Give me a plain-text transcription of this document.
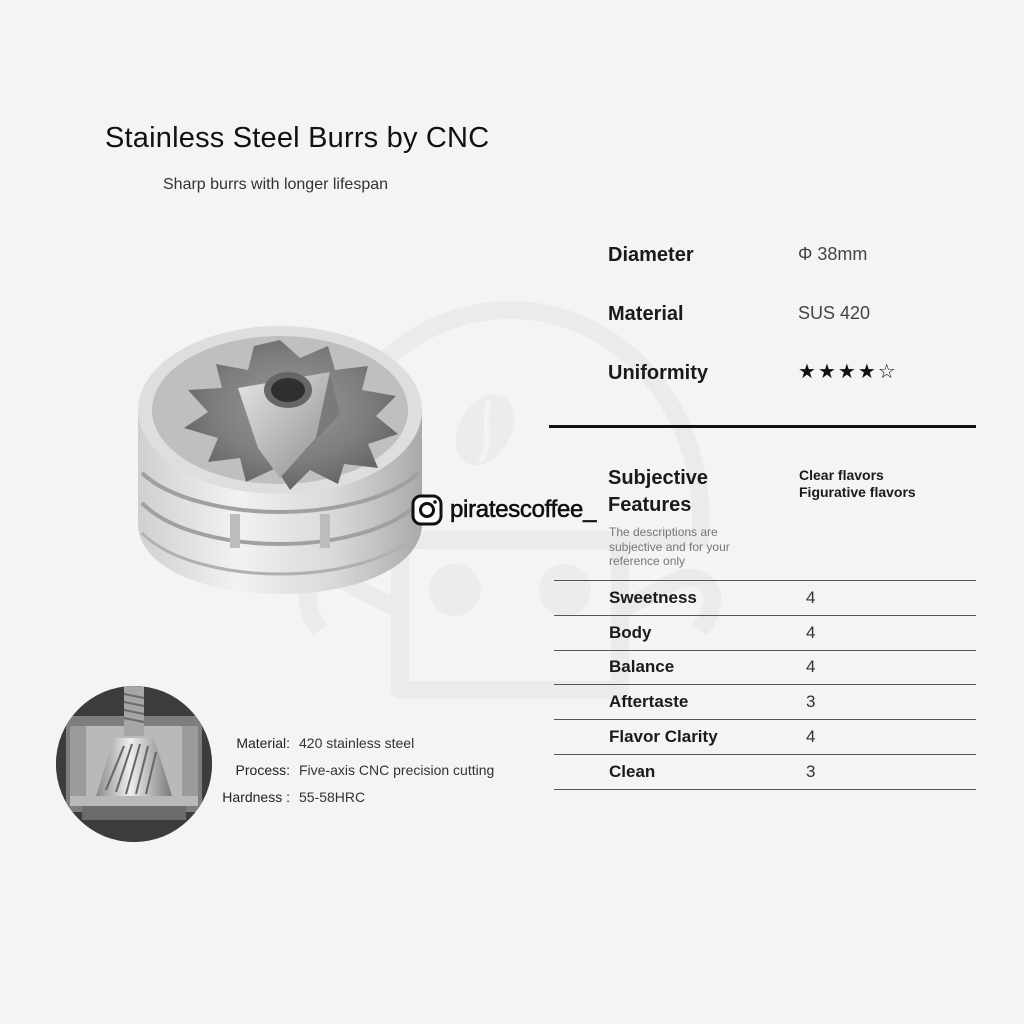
Stainless Steel Burrs by CNC
Sharp burrs with longer lifespan
piratescoffee_
Diameter	Φ 38mm
Material	SUS 420
Uniformity	★★★★☆
Subjective Features
The descriptions are subjective and for your reference only
Clear flavors
Figurative flavors
Sweetness	4
Body	4
Balance	4
Aftertaste	3
Flavor Clarity	4
Clean	3
Material: 420 stainless steel
Process: Five-axis CNC precision cutting
Hardness : 55-58HRC
